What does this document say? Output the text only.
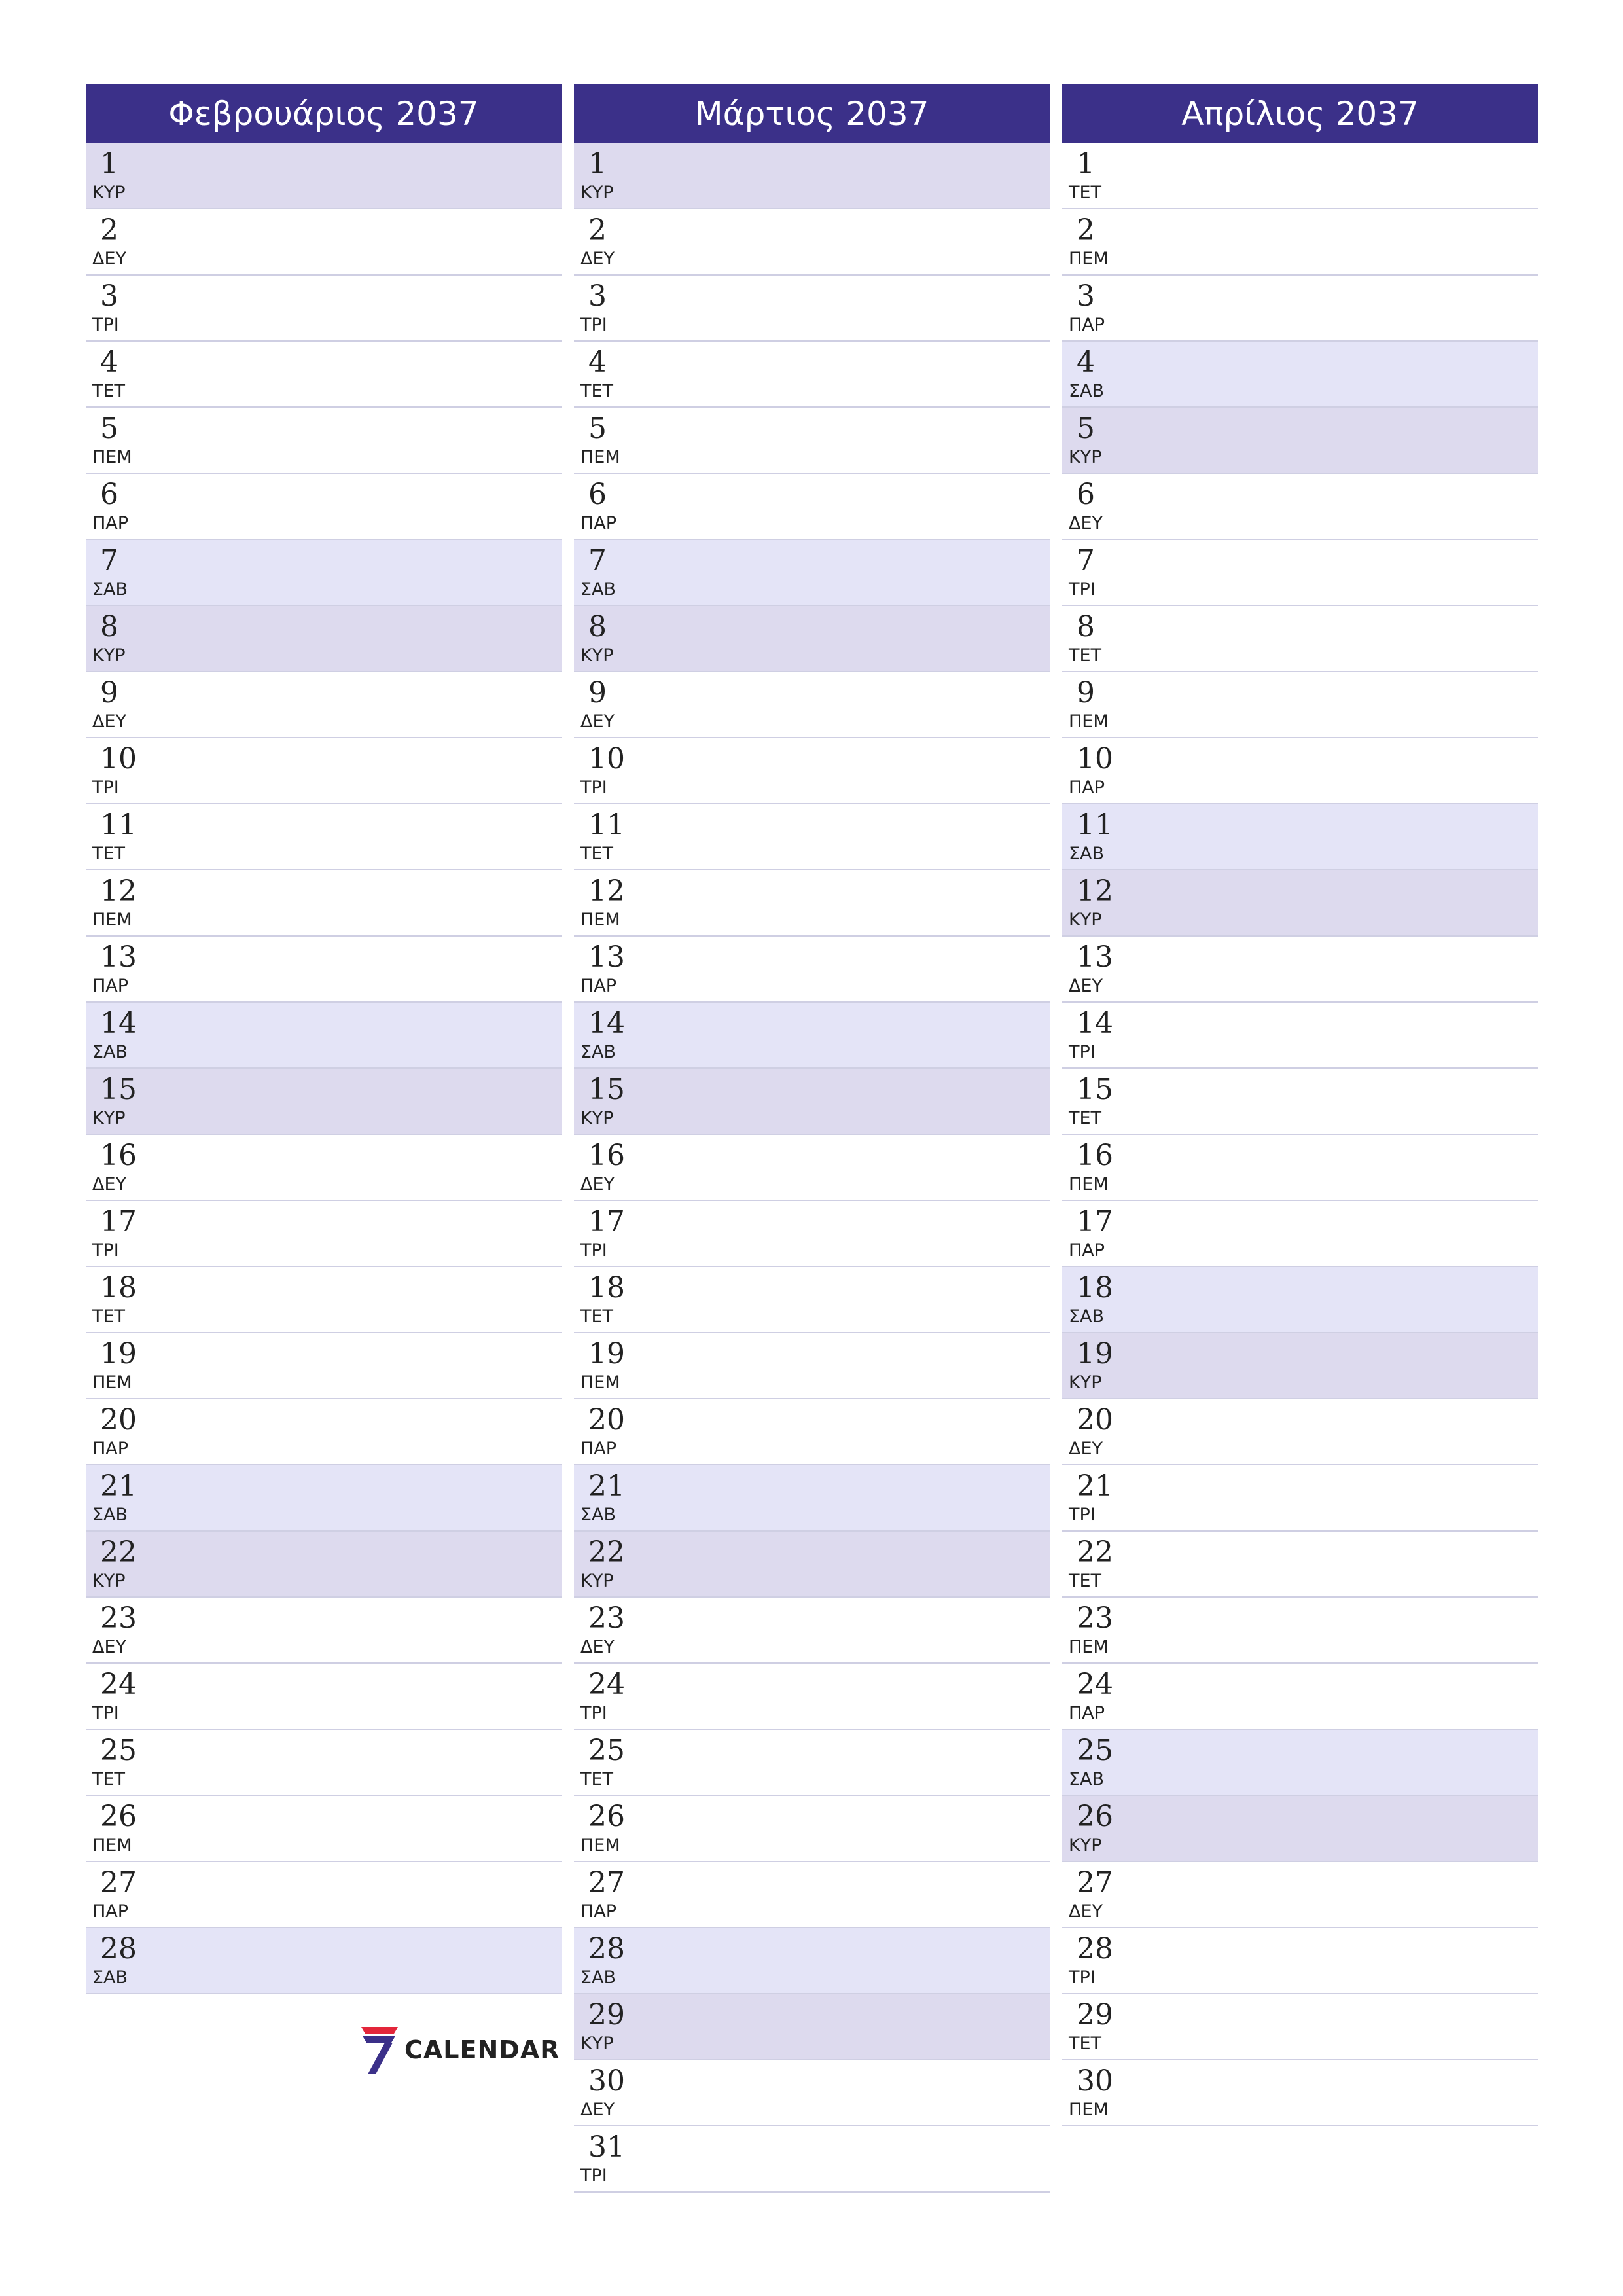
Φεβρουάριος 2037
1
ΚΥΡ
2
ΔΕΥ
3
ΤΡΙ
4
ΤΕΤ
5
ΠΕΜ
6
ΠΑΡ
7
ΣΑΒ
8
ΚΥΡ
9
ΔΕΥ
10
ΤΡΙ
11
ΤΕΤ
12
ΠΕΜ
13
ΠΑΡ
14
ΣΑΒ
15
ΚΥΡ
16
ΔΕΥ
17
ΤΡΙ
18
ΤΕΤ
19
ΠΕΜ
20
ΠΑΡ
21
ΣΑΒ
22
ΚΥΡ
23
ΔΕΥ
24
ΤΡΙ
25
ΤΕΤ
26
ΠΕΜ
27
ΠΑΡ
28
ΣΑΒ
Μάρτιος 2037
1
ΚΥΡ
2
ΔΕΥ
3
ΤΡΙ
4
ΤΕΤ
5
ΠΕΜ
6
ΠΑΡ
7
ΣΑΒ
8
ΚΥΡ
9
ΔΕΥ
10
ΤΡΙ
11
ΤΕΤ
12
ΠΕΜ
13
ΠΑΡ
14
ΣΑΒ
15
ΚΥΡ
16
ΔΕΥ
17
ΤΡΙ
18
ΤΕΤ
19
ΠΕΜ
20
ΠΑΡ
21
ΣΑΒ
22
ΚΥΡ
23
ΔΕΥ
24
ΤΡΙ
25
ΤΕΤ
26
ΠΕΜ
27
ΠΑΡ
28
ΣΑΒ
29
ΚΥΡ
30
ΔΕΥ
31
ΤΡΙ
Απρίλιος 2037
1
ΤΕΤ
2
ΠΕΜ
3
ΠΑΡ
4
ΣΑΒ
5
ΚΥΡ
6
ΔΕΥ
7
ΤΡΙ
8
ΤΕΤ
9
ΠΕΜ
10
ΠΑΡ
11
ΣΑΒ
12
ΚΥΡ
13
ΔΕΥ
14
ΤΡΙ
15
ΤΕΤ
16
ΠΕΜ
17
ΠΑΡ
18
ΣΑΒ
19
ΚΥΡ
20
ΔΕΥ
21
ΤΡΙ
22
ΤΕΤ
23
ΠΕΜ
24
ΠΑΡ
25
ΣΑΒ
26
ΚΥΡ
27
ΔΕΥ
28
ΤΡΙ
29
ΤΕΤ
30
ΠΕΜ
CALENDAR
